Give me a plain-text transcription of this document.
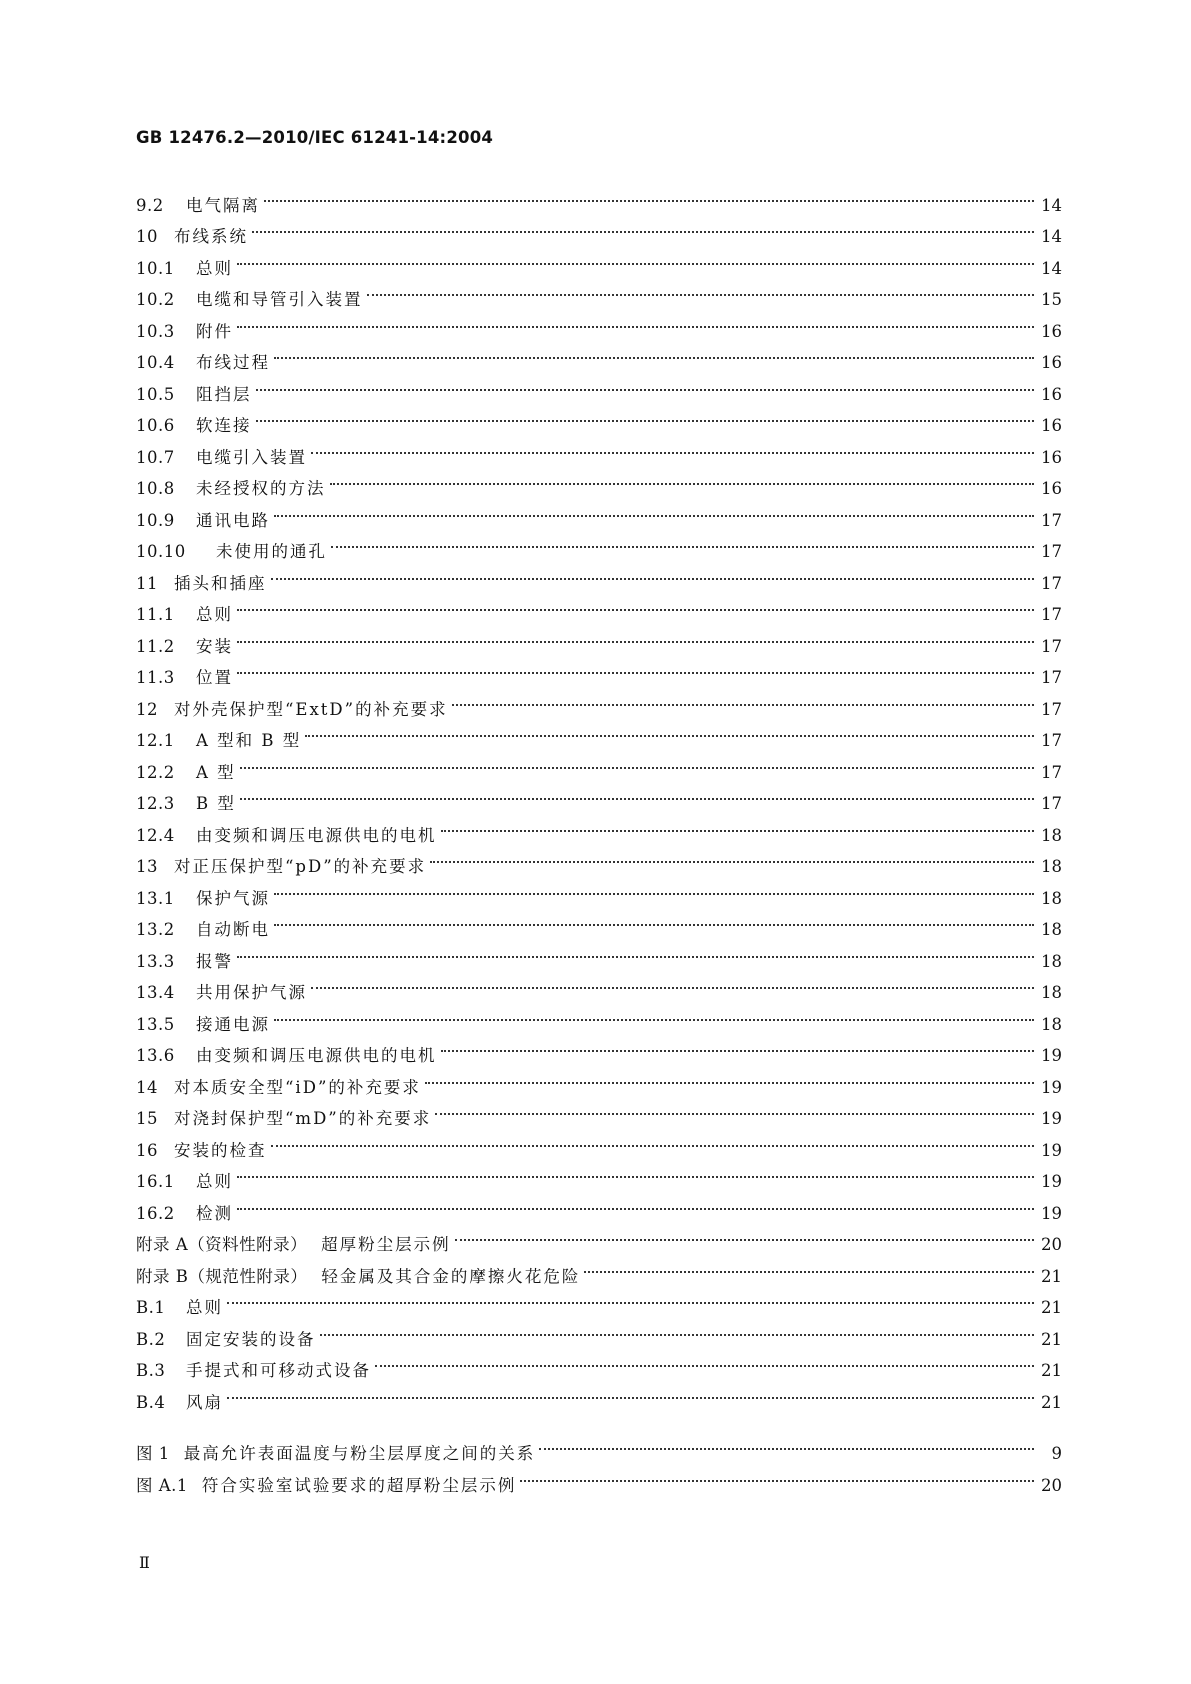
GB 12476.2—2010/IEC 61241-14:2004
9.2 电气隔离	14
10 布线系统	14
10.1 总则	14
10.2 电缆和导管引入装置	15
10.3 附件	16
10.4 布线过程	16
10.5 阻挡层	16
10.6 软连接	16
10.7 电缆引入装置	16
10.8 未经授权的方法	16
10.9 通讯电路	17
10.10 未使用的通孔	17
11 插头和插座	17
11.1 总则	17
11.2 安装	17
11.3 位置	17
12 对外壳保护型“ExtD”的补充要求	17
12.1 A 型和 B 型	17
12.2 A 型	17
12.3 B 型	17
12.4 由变频和调压电源供电的电机	18
13 对正压保护型“pD”的补充要求	18
13.1 保护气源	18
13.2 自动断电	18
13.3 报警	18
13.4 共用保护气源	18
13.5 接通电源	18
13.6 由变频和调压电源供电的电机	19
14 对本质安全型“iD”的补充要求	19
15 对浇封保护型“mD”的补充要求	19
16 安装的检查	19
16.1 总则	19
16.2 检测	19
附录 A（资料性附录） 超厚粉尘层示例	20
附录 B（规范性附录） 轻金属及其合金的摩擦火花危险	21
B.1 总则	21
B.2 固定安装的设备	21
B.3 手提式和可移动式设备	21
B.4 风扇	21
图 1 最高允许表面温度与粉尘层厚度之间的关系	9
图 A.1 符合实验室试验要求的超厚粉尘层示例	20
Ⅱ
